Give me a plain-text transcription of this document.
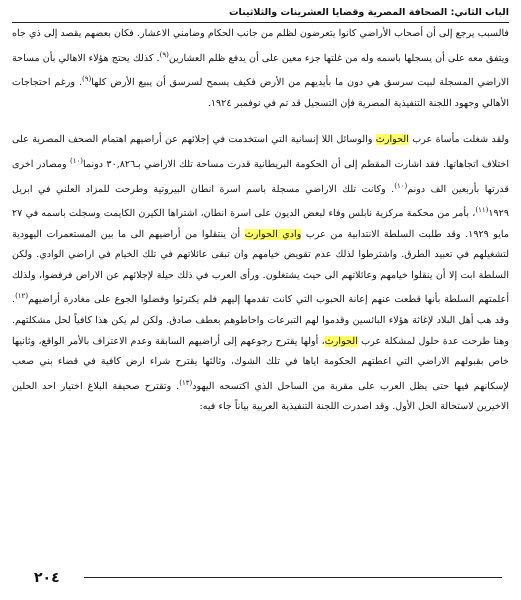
الباب الثاني: الصحافة المصرية وقضايا العشرينات والثلاثينات

فالسبب يرجع إلى أن أصحاب الأراضي كانوا يتعرضون لظلم من جانب الحكام وضامني الاعشار. فكان بعضهم يقصد إلى ذي جاه ويتفق معه على أن يسجلها باسمه وله من غلتها جزء معين على أن يدفع ظلم العشارين$^{(٩)}$. كذلك يحتج هؤلاء الاهالي بأن مساحة الاراضي المسجلة لبيت سرسق هي دون ما بأيديهم من الأرض فكيف يسمح لسرسق أن يبيع الأرض كلها$^{(٩)}$. ورغم احتجاجات الأهالي وجهود اللجنة التنفيذية المصرية فإن التسجيل قد تم في نوفمبر ١٩٢٤.

ولقد شغلت مأساة عرب الحوارث والوسائل اللا إنسانية التي استخدمت في إجلائهم عن أراضيهم اهتمام الصحف المصرية على اختلاف اتجاهاتها. فقد اشارت المقطم إلى أن الحكومة البريطانية قدرت مساحة تلك الاراضي بـ٣٠,٨٢٦ دونما$^{(١٠)}$ ومصادر اخرى قدرتها بأربعين الف دونم$^{(١٠)}$. وكانت تلك الاراضي مسجلة باسم اسرة انطان البيروتية وطرحت للمزاد العلني في ابريل ١٩٢٩$^{(١١)}$، بأمر من محكمة مركزية نابلس وفاء لبعض الديون على اسرة انطان، اشتراها الكيرن الكايمت وسجلت باسمه في ٢٧ مايو ١٩٢٩. وقد طلبت السلطة الانتدابية من عرب وادي الحوارث أن ينتقلوا من أراضيهم الى ما بين المستعمرات اليهودية لتشغيلهم في تعبيد الطرق. واشترطوا لذلك عدم تقويض خيامهم وان تبقى عائلاتهم في تلك الخيام في اراضي الوادي. ولكن السلطة ابت إلا أن ينقلوا خيامهم وعائلاتهم الى حيث يشتغلون. ورأى العرب في ذلك حيلة لإجلائهم عن الاراض فرفضوا، ولذلك أعلمتهم السلطة بأنها قطعت عنهم إعانة الحبوب التي كانت تقدمها إليهم فلم يكترثوا وفضلوا الجوع على مغادرة أراضيهم$^{(١٢)}$. وقد هب أهل البلاد لإغاثة هؤلاء البائسين وقدموا لهم التبرعات واحاطوهم بعطف صادق. ولكن لم يكن هذا كافياً لحل مشكلتهم. وهنا طرحت عدة حلول لمشكلة عرب الحوارث، أولها يقترح رجوعهم إلى أراضيهم السابقة وعدم الاعتراف بالأمر الواقع، وثانيها خاص بقبولهم الاراضي التي اعطتهم الحكومة اياها في تلك الشوك، وثالثها يقترح شراء ارض كافية في قضاء بني صعب لإسكانهم فيها حتى يظل العرب على مقربة من الساحل الذي اكتسحه اليهود$^{(١٣)}$. وتقترح صحيفة البلاغ اختيار احد الحلين الاخيرين لاستحالة الحل الأول. وقد اصدرت اللجنة التنفيذية العربية بياناً جاء فيه:

٢٠٤
